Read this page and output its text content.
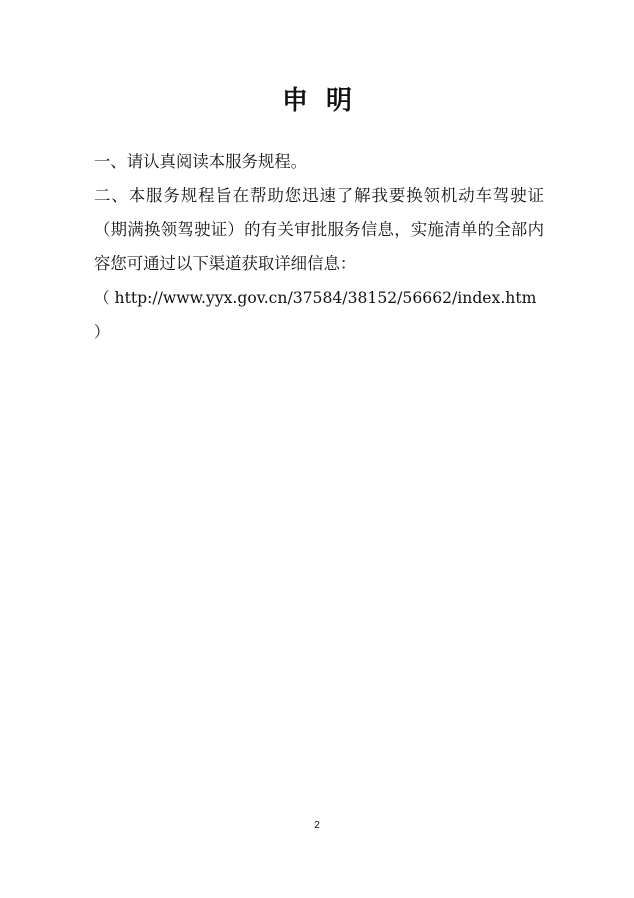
申  明

一、请认真阅读本服务规程。

二、本服务规程旨在帮助您迅速了解我要换领机动车驾驶证（期满换领驾驶证）的有关审批服务信息，实施清单的全部内容您可通过以下渠道获取详细信息：

（ http://www.yyx.gov.cn/37584/38152/56662/index.htm ）

2
